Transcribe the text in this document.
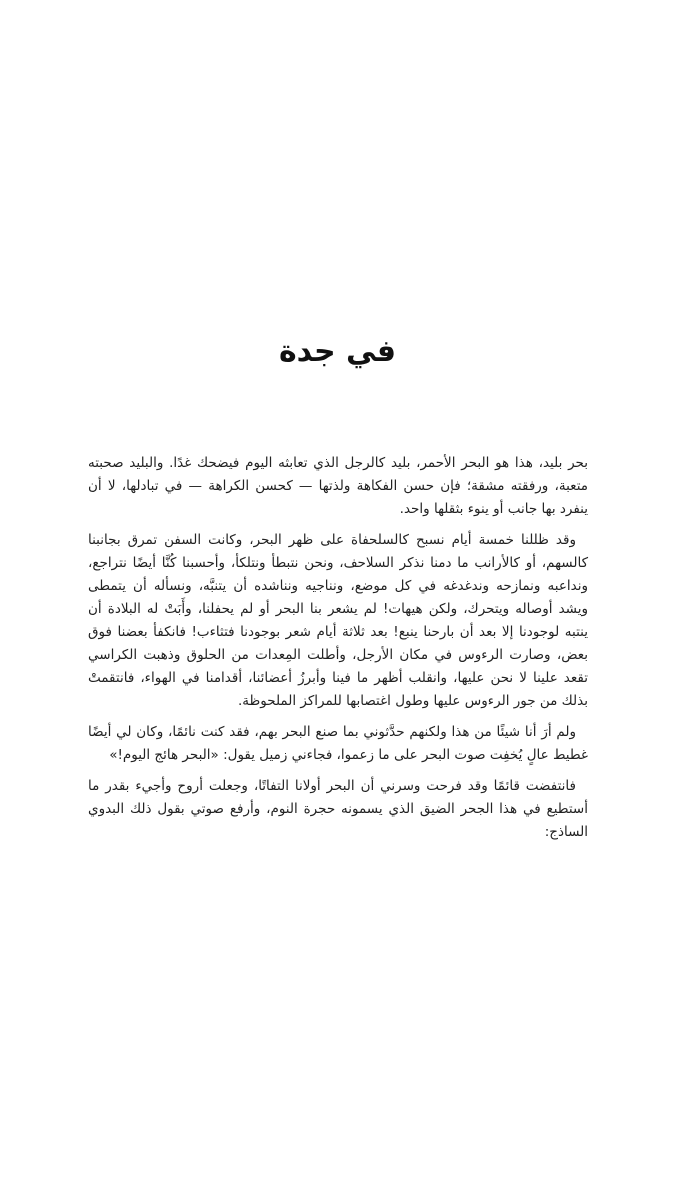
في جدة

بحر بليد، هذا هو البحر الأحمر، بليد كالرجل الذي تعابثه اليوم فيضحك غدًا. والبليد صحبته متعبة، ورفقته مشقة؛ فإن حسن الفكاهة ولذتها — كحسن الكراهة — في تبادلها، لا أن ينفرد بها جانب أو ينوء بثقلها واحد.

وقد ظللنا خمسة أيام نسبح كالسلحفاة على ظهر البحر، وكانت السفن تمرق بجانبنا كالسهم، أو كالأرانب ما دمنا نذكر السلاحف، ونحن نتبطأ ونتلكأ، وأحسبنا كُنَّا أيضًا نتراجع، ونداعبه ونمازحه وندغدغه في كل موضع، ونناجيه ونناشده أن يتنبَّه، ونسأله أن يتمطى ويشد أوصاله ويتحرك، ولكن هيهات! لم يشعر بنا البحر أو لم يحفلنا، وأَبَتْ له البلادة أن ينتبه لوجودنا إلا بعد أن بارحنا ينبع! بعد ثلاثة أيام شعر بوجودنا فتثاءب! فانكفأ بعضنا فوق بعض، وصارت الرءوس في مكان الأرجل، وأطلت المِعدات من الحلوق وذهبت الكراسي تقعد علينا لا نحن عليها، وانقلب أظهر ما فينا وأبرزُ أعضائنا، أقدامنا في الهواء، فانتقمتْ بذلك من جور الرءوس عليها وطول اغتصابها للمراكز الملحوظة.

ولم أرَ أنا شيئًا من هذا ولكنهم حدَّثوني بما صنع البحر بهم، فقد كنت نائمًا، وكان لي أيضًا غطيط عالٍ يُخفِت صوت البحر على ما زعموا، فجاءني زميل يقول: «البحر هائج اليوم!»

فانتفضت قائمًا وقد فرحت وسرني أن البحر أولانا التفاتًا، وجعلت أروح وأجيء بقدر ما أستطيع في هذا الجحر الضيق الذي يسمونه حجرة النوم، وأرفع صوتي بقول ذلك البدوي الساذج:
